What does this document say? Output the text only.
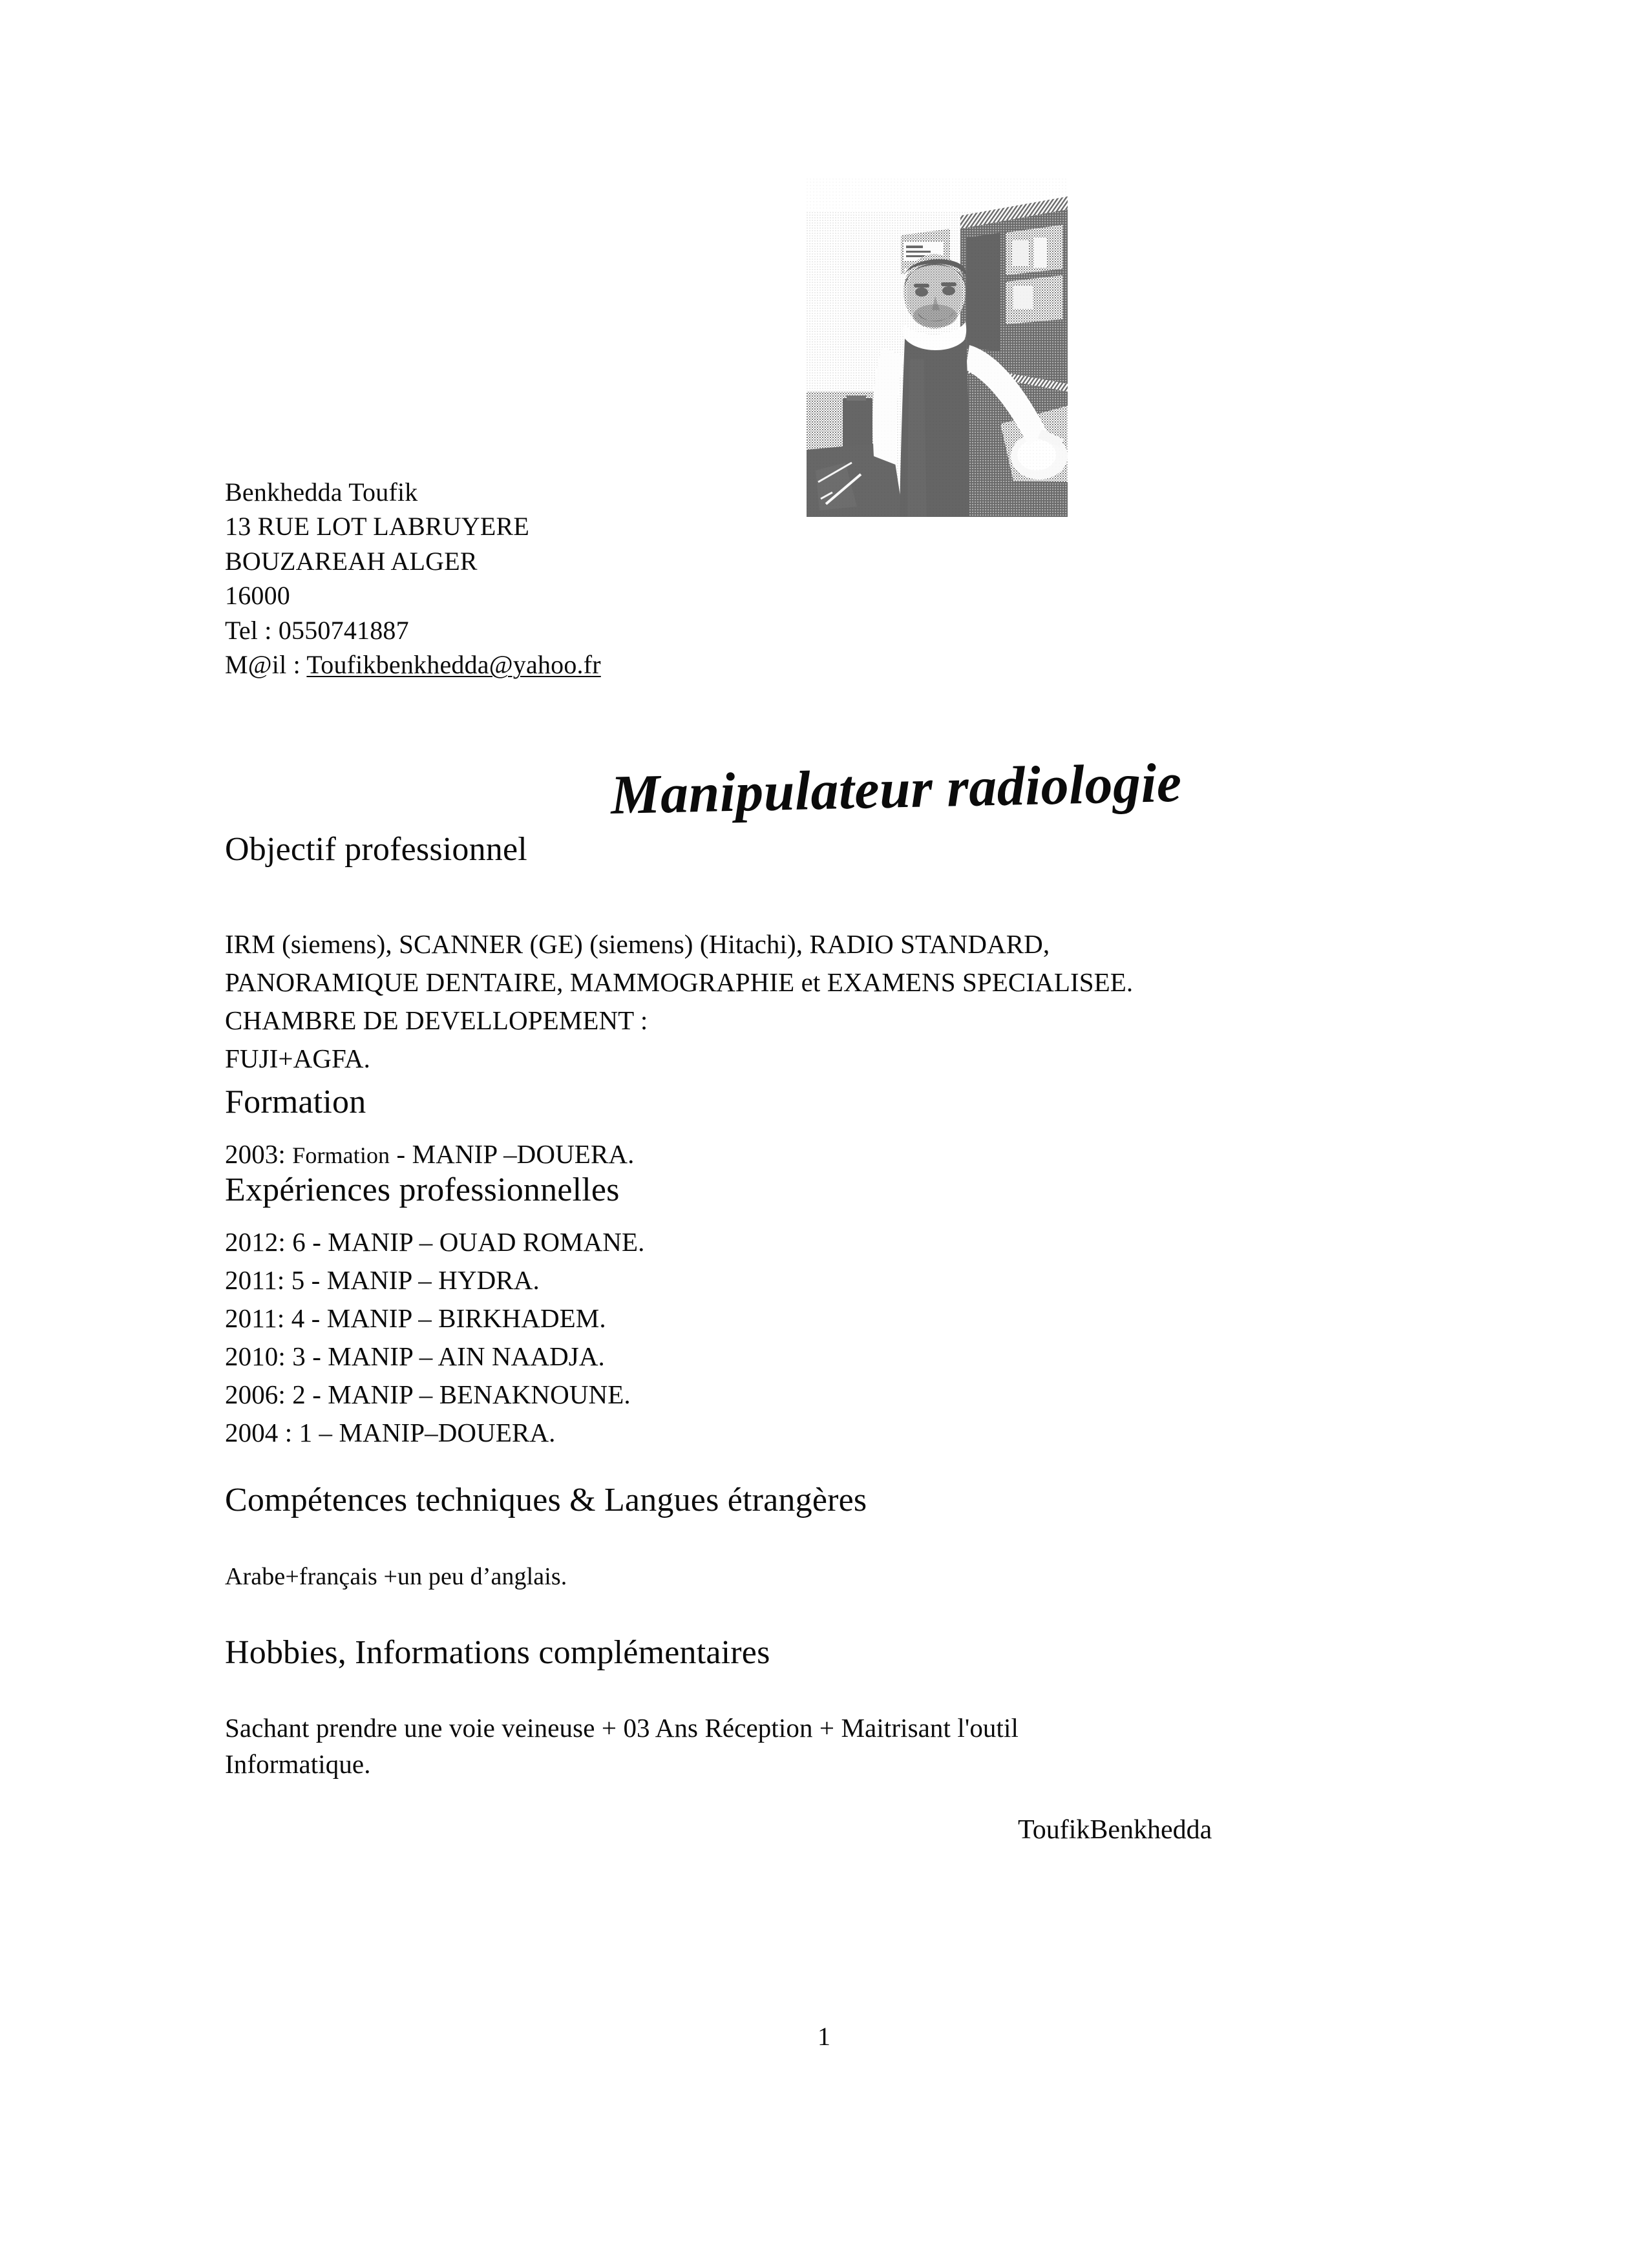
Benkhedda Toufik
13 RUE LOT LABRUYERE
BOUZAREAH ALGER
16000
Tel : 0550741887
M@il : Toufikbenkhedda@yahoo.fr
Manipulateur radiologie
Objectif professionnel
IRM (siemens), SCANNER (GE) (siemens) (Hitachi), RADIO STANDARD,
PANORAMIQUE DENTAIRE, MAMMOGRAPHIE et EXAMENS SPECIALISEE.
CHAMBRE DE DEVELLOPEMENT :
FUJI+AGFA.
Formation
2003: Formation - MANIP –DOUERA.
Expériences professionnelles
2012: 6 - MANIP – OUAD ROMANE.
2011: 5 - MANIP – HYDRA.
2011: 4 - MANIP – BIRKHADEM.
2010: 3 - MANIP – AIN NAADJA.
2006: 2 - MANIP – BENAKNOUNE.
2004 : 1 – MANIP–DOUERA.
Compétences techniques & Langues étrangères
Arabe+français +un peu d’anglais.
Hobbies, Informations complémentaires
Sachant prendre une voie veineuse + 03 Ans Réception + Maitrisant l'outil
Informatique.
ToufikBenkhedda
1
